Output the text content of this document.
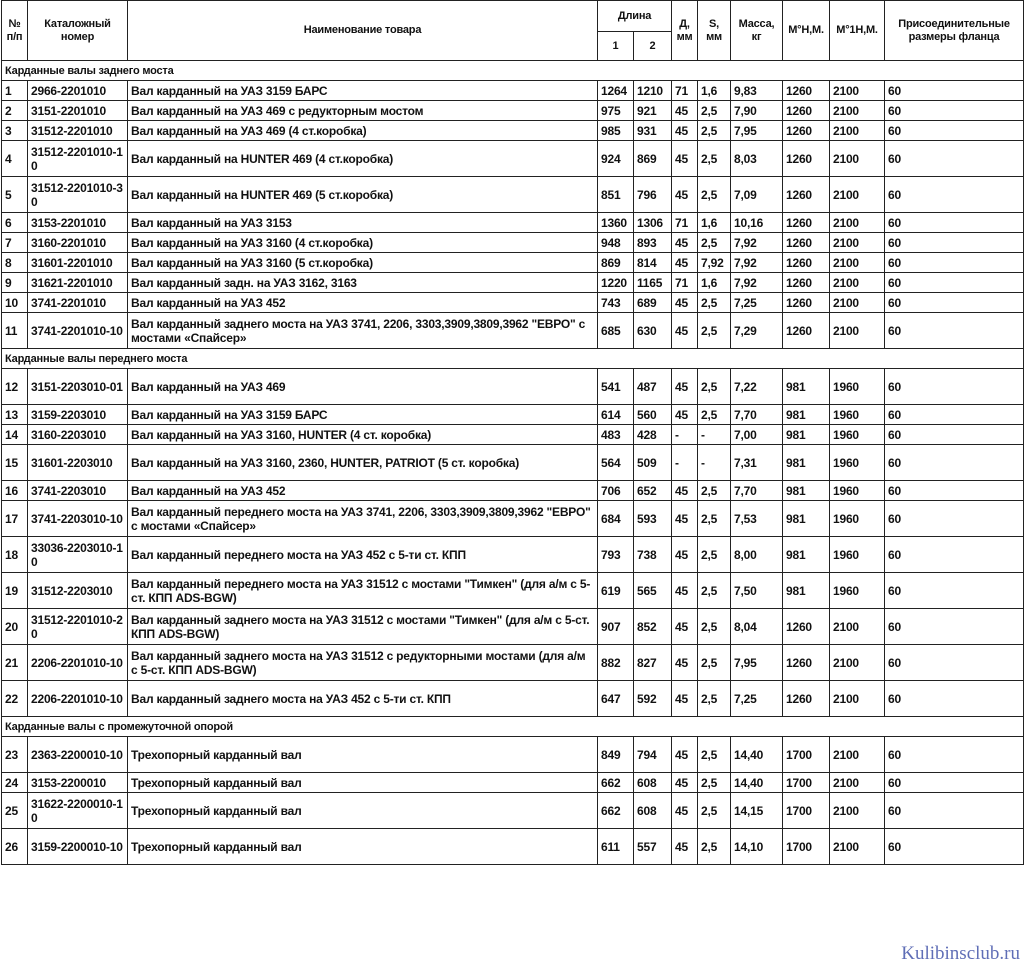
№ п/п	Каталожный номер	Наименование товара	Длина		Д, мм	S, мм	Масса, кг	М°Н,М.	М°1Н,М.	Присоединительные размеры фланца
			1	2						
Карданные валы заднего моста										
1	2966-2201010	Вал карданный на УАЗ 3159 БАРС	1264	1210	71	1,6	9,83	1260	2100	60
2	3151-2201010	Вал карданный на УАЗ 469 с редукторным мостом	975	921	45	2,5	7,90	1260	2100	60
3	31512-2201010	Вал карданный на УАЗ 469 (4 ст.коробка)	985	931	45	2,5	7,95	1260	2100	60
4	31512-2201010-10	Вал карданный на HUNTER 469 (4 ст.коробка)	924	869	45	2,5	8,03	1260	2100	60
5	31512-2201010-30	Вал карданный на HUNTER 469 (5 ст.коробка)	851	796	45	2,5	7,09	1260	2100	60
6	3153-2201010	Вал карданный на УАЗ 3153	1360	1306	71	1,6	10,16	1260	2100	60
7	3160-2201010	Вал карданный на УАЗ 3160 (4 ст.коробка)	948	893	45	2,5	7,92	1260	2100	60
8	31601-2201010	Вал карданный на УАЗ 3160 (5 ст.коробка)	869	814	45	7,92	7,92	1260	2100	60
9	31621-2201010	Вал карданный задн. на УАЗ 3162, 3163	1220	1165	71	1,6	7,92	1260	2100	60
10	3741-2201010	Вал карданный на УАЗ 452	743	689	45	2,5	7,25	1260	2100	60
11	3741-2201010-10	Вал карданный заднего моста на УАЗ 3741, 2206, 3303,3909,3809,3962 "ЕВРО" с мостами «Спайсер»	685	630	45	2,5	7,29	1260	2100	60
Карданные валы переднего моста										
12	3151-2203010-01	Вал карданный на УАЗ 469	541	487	45	2,5	7,22	981	1960	60
13	3159-2203010	Вал карданный на УАЗ 3159 БАРС	614	560	45	2,5	7,70	981	1960	60
14	3160-2203010	Вал карданный на УАЗ 3160, HUNTER (4 ст. коробка)	483	428	-	-	7,00	981	1960	60
15	31601-2203010	Вал карданный на УАЗ 3160, 2360, HUNTER, PATRIOT (5 ст. коробка)	564	509	-	-	7,31	981	1960	60
16	3741-2203010	Вал карданный на УАЗ 452	706	652	45	2,5	7,70	981	1960	60
17	3741-2203010-10	Вал карданный переднего моста на УАЗ 3741, 2206, 3303,3909,3809,3962 "ЕВРО" с мостами «Спайсер»	684	593	45	2,5	7,53	981	1960	60
18	33036-2203010-10	Вал карданный переднего моста на УАЗ 452 с 5-ти ст. КПП	793	738	45	2,5	8,00	981	1960	60
19	31512-2203010	Вал карданный переднего моста на УАЗ 31512 с мостами "Тимкен" (для а/м с 5-ст. КПП ADS-BGW)	619	565	45	2,5	7,50	981	1960	60
20	31512-2201010-20	Вал карданный заднего моста на УАЗ 31512 с мостами "Тимкен" (для а/м с 5-ст. КПП ADS-BGW)	907	852	45	2,5	8,04	1260	2100	60
21	2206-2201010-10	Вал карданный заднего моста на УАЗ 31512 с редукторными мостами (для а/м с 5-ст. КПП ADS-BGW)	882	827	45	2,5	7,95	1260	2100	60
22	2206-2201010-10	Вал карданный заднего моста на УАЗ 452 с 5-ти ст. КПП	647	592	45	2,5	7,25	1260	2100	60
Карданные валы с промежуточной опорой										
23	2363-2200010-10	Трехопорный карданный вал	849	794	45	2,5	14,40	1700	2100	60
24	3153-2200010	Трехопорный карданный вал	662	608	45	2,5	14,40	1700	2100	60
25	31622-2200010-10	Трехопорный карданный вал	662	608	45	2,5	14,15	1700	2100	60
26	3159-2200010-10	Трехопорный карданный вал	611	557	45	2,5	14,10	1700	2100	60
Kulibinsclub.ru
